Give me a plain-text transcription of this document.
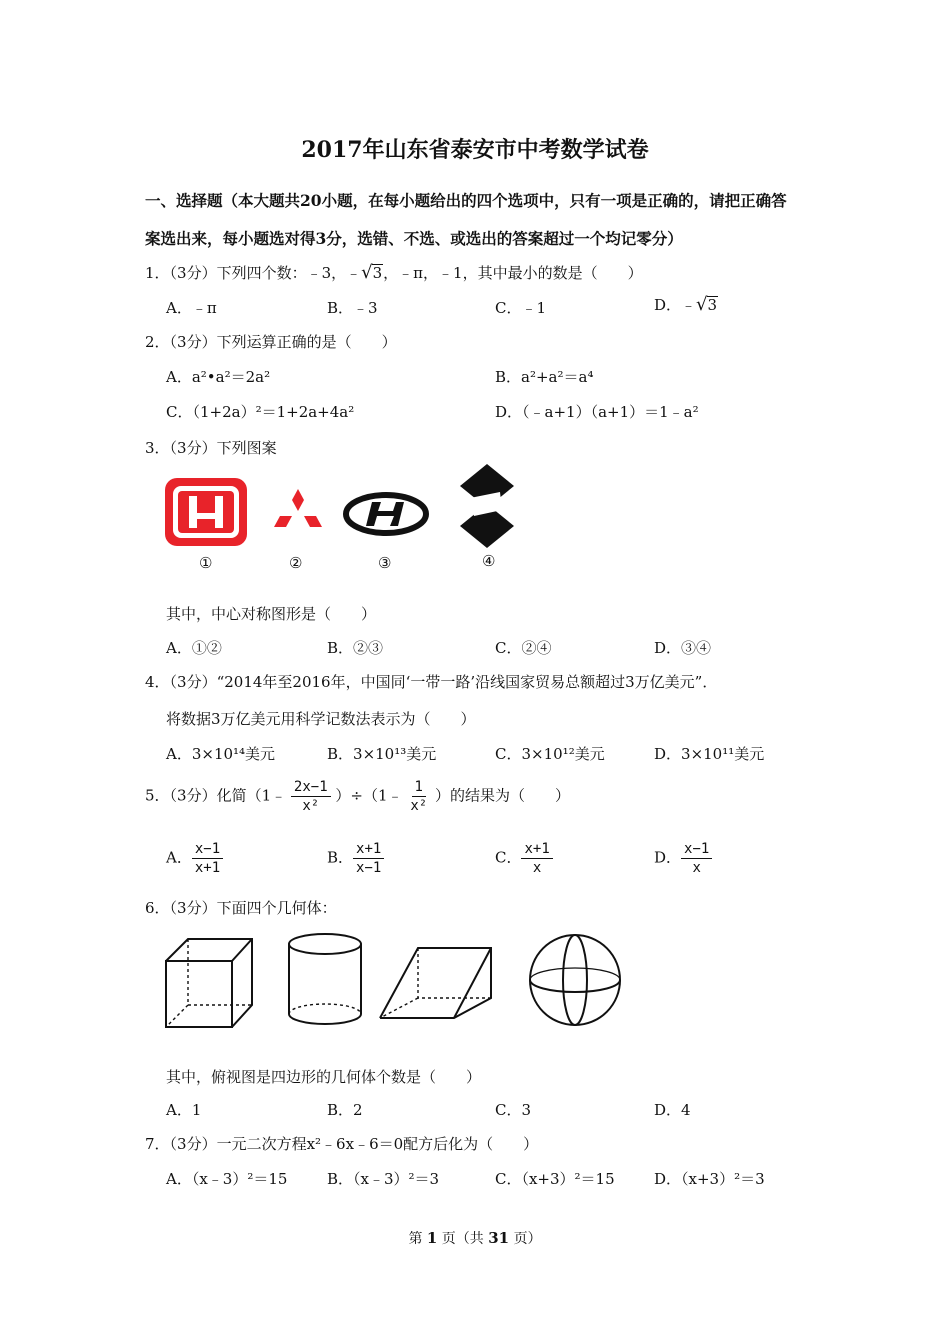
2017年山东省泰安市中考数学试卷
一、选择题（本大题共20小题，在每小题给出的四个选项中，只有一项是正确的，请把正确答
案选出来，每小题选对得3分，选错、不选、或选出的答案超过一个均记零分）
1．（3分）下列四个数：﹣3，﹣√3，﹣π，﹣1，其中最小的数是（　　）
A．﹣π	B．﹣3	C．﹣1	D．﹣√3
2．（3分）下列运算正确的是（　　）
A．a²•a²＝2a²	B．a²+a²＝a⁴
C．（1+2a）²＝1+2a+4a²	D．（﹣a+1）（a+1）＝1﹣a²
3．（3分）下列图案
①	②	③	④
其中，中心对称图形是（　　）
A．①②	B．②③	C．②④	D．③④
4．（3分）“2014年至2016年，中国同‘一带一路’沿线国家贸易总额超过3万亿美元”．
将数据3万亿美元用科学记数法表示为（　　）
A．3×10¹⁴美元	B．3×10¹³美元	C．3×10¹²美元	D．3×10¹¹美元
5．（3分）化简（1﹣ $\frac{2x-1}{\text{x²}}$ ）÷（1﹣ $\frac{1}{\text{x²}}$ ）的结果为（　　）
A． $\frac{x-1}{x+1}$	B． $\frac{x+1}{x-1}$	C． $\frac{x+1}{x}$	D． $\frac{x-1}{x}$
6．（3分）下面四个几何体：
其中，俯视图是四边形的几何体个数是（　　）
A．1	B．2	C．3	D．4
7．（3分）一元二次方程x²﹣6x﹣6＝0配方后化为（　　）
A．（x﹣3）²＝15	B．（x﹣3）²＝3	C．（x+3）²＝15	D．（x+3）²＝3
第 1 页（共 31 页）
